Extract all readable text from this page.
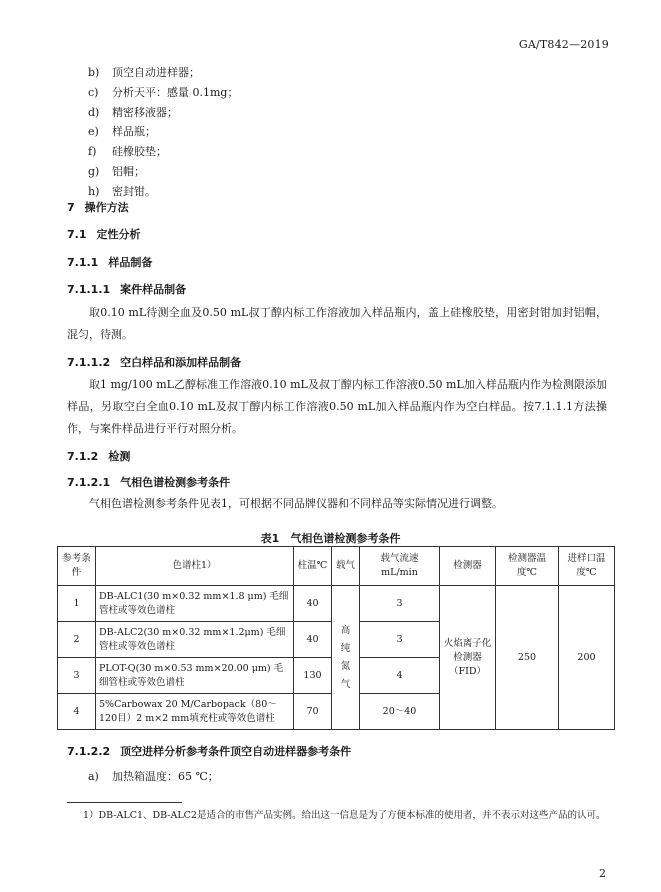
GA/T842—2019
b) 顶空自动进样器；
c) 分析天平：感量 0.1mg；
d) 精密移液器；
e) 样品瓶；
f) 硅橡胶垫；
g) 铝帽；
h) 密封钳。
7 操作方法
7.1 定性分析
7.1.1 样品制备
7.1.1.1 案件样品制备
取0.10 mL待测全血及0.50 mL叔丁醇内标工作溶液加入样品瓶内，盖上硅橡胶垫，用密封钳加封铝帽，混匀，待测。
7.1.1.2 空白样品和添加样品制备
取1 mg/100 mL乙醇标准工作溶液0.10 mL及叔丁醇内标工作溶液0.50 mL加入样品瓶内作为检测限添加样品，另取空白全血0.10 mL及叔丁醇内标工作溶液0.50 mL加入样品瓶内作为空白样品。按7.1.1.1方法操作，与案件样品进行平行对照分析。
7.1.2 检测
7.1.2.1 气相色谱检测参考条件
气相色谱检测参考条件见表1，可根据不同品牌仪器和不同样品等实际情况进行调整。
表1　气相色谱检测参考条件
参考条件	色谱柱1）	柱温℃	载气	载气流速mL/min	检测器	检测器温度℃	进样口温度℃
1	DB-ALC1(30 m×0.32 mm×1.8 μm) 毛细管柱或等效色谱柱	40	高纯氮气	3	火焰离子化检测器（FID）	250	200
2	DB-ALC2(30 m×0.32 mm×1.2μm) 毛细管柱或等效色谱柱	40		3			
3	PLOT-Q(30 m×0.53 mm×20.00 μm) 毛细管柱或等效色谱柱	130		4			
4	5%Carbowax 20 M/Carbopack（80～120目）2 m×2 mm填充柱或等效色谱柱	70		20～40			
7.1.2.2 顶空进样分析参考条件顶空自动进样器参考条件
a) 加热箱温度：65 ℃；
1）DB-ALC1、DB-ALC2是适合的市售产品实例。给出这一信息是为了方便本标准的使用者，并不表示对这些产品的认可。
2
